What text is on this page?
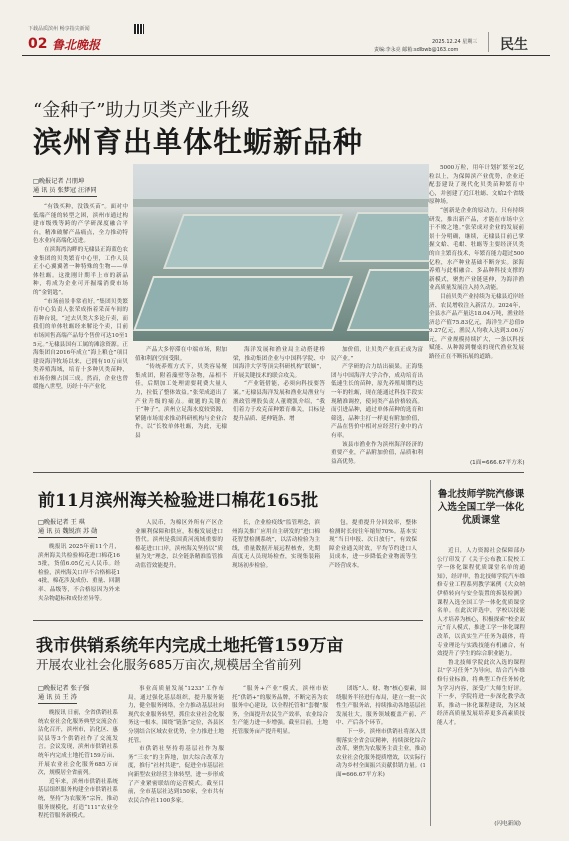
下载品质滨州 畅享指尖新闻
02 鲁北晚报	2025.12.24 星期三
责编:李永亮 邮箱:sdlbwb@163.com	民生
“金种子”助力贝类产业升级
滨州育出单体牡蛎新品种
□晚报记者 吕朋坤
通 讯 员 张梦冠 汪泽同

“有钱买种，没钱买苗”。面对中低端产能的转型之困，滨州市通过构建市级残等跨的产学研深度融合平台，精准破解产品痛点，全力推动特色水业向高端化迈进。

在滨海湾沟畔的无棣县正海蓝色农业集团的贝类繁育中心里，工作人员正小心翼翼著一种特殊的生物——单体牡蛎。这批刚计期半上市的新品种，将成为企业可开掘端消费市场的“金钥匙”。

“市场前景非常看好。”集团贝类繁育中心负责人张荣成指着采苗车间的育种台说，“过去贝类大多论斤卖，而我们的单体牡蛎经来解论个卖，目前市场回售高端产品每个售价可达10至15元。”无棣县国有工属的滩涂资源。正海集团自2016年成立“海上粮仓”项目建设海洋牧场以来，已拥有10万亩贝类养殖海域，培育十多种贝类苗种，市场份额占国三成。然而，企业也曾缓拖八世型，历经十年产业化

产品大多停滞在中端市场，附加值和利润空间受限。

“传统养殖方式下，贝类容易聚集成团，附着藻壁等杂物，品相不佳，后期加工处理需要耗费大量人力，拉低了整体效益。”张荣成道出了产业升级的痛点。破题的关键在于“种子”。滨州立足海水度较资源，紧随市场需求推动科研机构与企业合作，以“长牧单体牡蛎，为此，无棣县

海洋发展和渔业局主动搭建桥梁，推动集团企业与中国科学院、中国海洋大学等顶尖科研机构“联姻”，开展关键技术的联合攻关。

“产业链借能，必须向科技要答案。”无棣县海洋发展和渔业局渔业与渔政管理股负责人董晓凯介绍，“我们着力于攻克苗种繁育难关，目标是提升品质、延伸链条、增

加价值，让贝类产业真正成为富民产业。”

产学研的合力结出硕果。正海集团与中国海洋大学合作，成功培育出低速生长的苗种，原先养殖周期约达一年的牡蛎，现在能通过科技手段实现精准调控，使同类产品价格较高。而引进品种，通过单体苗种的选育和筛选，品种主打一样更有附加价值，产品在售价中相对应经营行业中的占有率。

该县市渔业作为滨州海洋经济的重要产业，产品附加价值，品质和利益高优势。

5000万粒，用年计划扩繁至2亿粒以上，为保障滨产业优势，企业还配套建设了现代化贝类苗种繁育中心，并创建了近江牡蛎、文蛤2个省级原种场。

“创新是企业的原动力。只有持续研发，推出新产品，才能在市场中立于不败之地。”张荣成对企业的发展前景十分明确，继续，无棣县目前已掌握文蛤、毛蚶、牡蛎等主要经济贝类的自主繁育技术，年繁育能力超过500亿粒，水产种业基础不断夯实。深海养殖与此相融合、多品种科技支撑的新模式，聚焦产业链延伸，为海洋渔业高质量发展注入持久动能。

目前贝类产业持续为无棣县近岸经济、农民增收注入新活力。2024年，全县水产品产量达18.04万吨，渔业经济总产值75.83亿元，海洋生产总值99.27亿元，渔民人均收入达到3.06万元，产业规模持续扩大，一条以科技赋能、从种源到餐桌的现代渔业发展路径正在不断拓展的道路。

(1面=666.67平方米)
前11月滨州海关检验进口棉花165批
□晚报记者 王 琪
通 讯 员 魏锐滨 苏 勋

晚报讯 2025年前11个月，滨州海关共检验棉花进口棉花165批，货值6.05亿元人民币。经检验，滨州海关口岸不合格棉花14批，棉花涉及成份、重量、回潮率、品级等，不合格原因为外来夹杂物超标和成份差异等。

人民币，为棉区外所有产区企业顺利保障和供应，积极发展进口替代。滨州是我国黄河流域重要的棉花进口口岸，滨州海关坚持以“质量为先”理念，以全链条精准监管推动监管效能提升。

长，企业检疫线”监管理念，滨州海关推广应用自主研发的“进口棉花智慧检测系统”，以活动检验为主线，重量数据开展远程核查，先期高度无人员现场检查，实现集装箱现场初步检验。

包，提重提升分回效率，整体检测时长较往年缩短70%。基本实现“当日申报、次日放行”，有效保障企业通关时效，平均节约进口人员成本，进一步降低企业物流等生产经营成本。

我市供销系统年内完成土地托管159万亩
开展农业社会化服务685万亩次,规模居全省前列
□晚报记者 张子强
通 讯 员 王 涛

晚报讯 日前，全省供销社系统农业社会化服务典型交流会在沾化召开，滨州市，沾化区、惠民县等3个供销社作了交流发言。会议发现，滨州市供销社系统年内完成土地托管159万亩、开展农业社会化服务685万亩次，规模居全省前列。

近年来，滨州市供销社系统基层组织服务构建全市供销社系统，坚持“为农服务”宗旨，推动服务规模化，打造“111”农业全程托管服务新模式。

事业高质量发展“1233”工作布局，通过强化基层组织，提升服务能力，健全服务网络，全力推动基层社向现代农业服务转型，抓住农业社会化服务这一根本。围绕“链条”定位，各县区分别结合区域农业优势，全力推进土地托管。

市供销社坚持将基层社作为服务“三农”的主阵地，加大综合改革力度，推行“社村共建”，促进全市基层社向新型农业经营主体转型，进一步形成了产业紧密联结的运营模式。截至目前，全市基层社达到150家，全市共有农民合作社1100多家。

“服务+产业”模式，滨州市依托“供销+”的服务品牌，不断完善为农服务中心建设，以全程托管和“套餐”服务，全面提升农民生产效率，农业综合生产能力进一步增强。截至目前，土地托管服务亩产提升明显。

团练”人、财、物”核心要素，围绕服务半径进行布局，建立一批一次性生产服务站，持续推动各地基层社发展壮大，服务领域覆盖产前、产中、产后各个环节。

下一步，滨州市供销社将深入贯彻落实全省会议精神，持续深化综合改革，聚焦为农服务主责主业，推动农业社会化服务提质增效，以实际行动为乡村全面振兴贡献供销力量。(1面=666.67平方米)

鲁北技师学院汽修课入选全国工学一体化优质课堂

近日，人力资源社会保障部办公厅印发了《关于公布教工院校工学一体化课程优质课堂名单的通知》，经评审，鲁北技师学院汽车维修专业工程系列教学案例《大众纳伊桥转向与安全装置的拆装检测》课程入选全国工学一体化优质课堂名单。在此次评选中，学校以技能人才培养为核心，积极探索“校企双元”育人模式，推进工学一体化课程改革，以真实生产任务为载体，将专业理论与实践技能有机融合，有效提升了学生的综合职业能力。

鲁北技师学院此次入选的课程以“学习任务”为导向，结合汽车维修行业标准，将典型工作任务转化为学习内容，深受广大师生好评。下一步，学院将进一步深化教学改革，推动一体化课程建设，为区域经济高质量发展培养更多高素质技能人才。

(闪电新闻)
